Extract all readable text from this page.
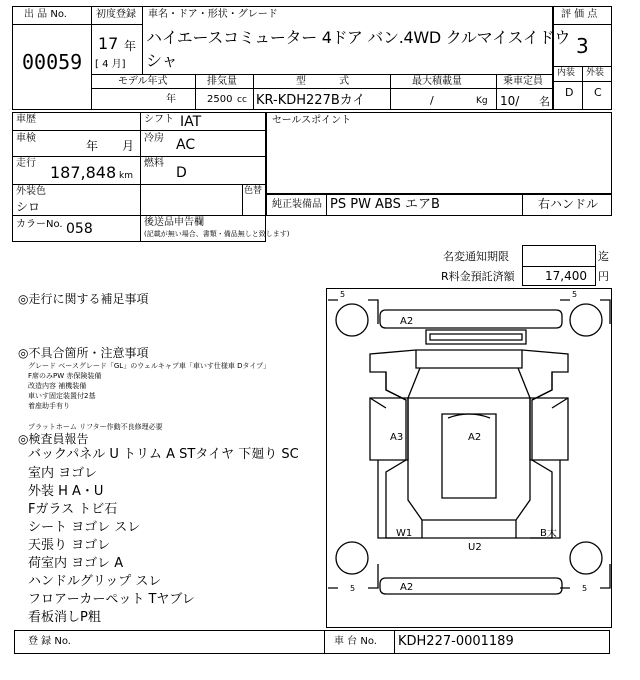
出 品 No.
00059
初度登録
17 年
[ 4 月]
車名・ドア・形状・グレード
ハイエースコミューター 4ドア バン.4WD クルマイスイドウ
シャ
モデル年式
年
排気量
2500 cc
型 式
KR-KDH227Bカイ
最大積載量
/	Kg
乗車定員
10/ 名
評 価 点
3
内装 外装
D C
車歴	シフト IAT
車検
年 月
冷房 AC
走行 187,848 km
燃料
D
外装色
シロ
色替
カラーNo. 058	後送品申告欄
(記載が無い場合、書類・備品無しと致します)
セールスポイント
純正装備品 PS PW ABS エアB	右ハンドル
名変通知期限	迄
R料金預託済額	17,400 円
◎走行に関する補足事項
◎不具合箇所・注意事項
グレード ベースグレード「GL」のウェルキャブ車「車いす仕様車 Dタイプ」
F席のみPW 赤保険装備
改造内容 補機装備
車いす固定装置付2基
着座助手有り
プラットホーム リフター作動不良修理必要
◎検査員報告
バックパネル U トリム A STタイヤ 下廻り SC
室内 ヨゴレ
外装 H A・U
Fガラス トビ石
シート ヨゴレ スレ
天張り ヨゴレ
荷室内 ヨゴレ A
ハンドルグリップ スレ
フロアーカーペット Tヤブレ
看板消しP粗
5	5
5	5
A2
A3	A2
W1
U2
B大
A2
登 録 No.	車 台 No. KDH227-0001189
